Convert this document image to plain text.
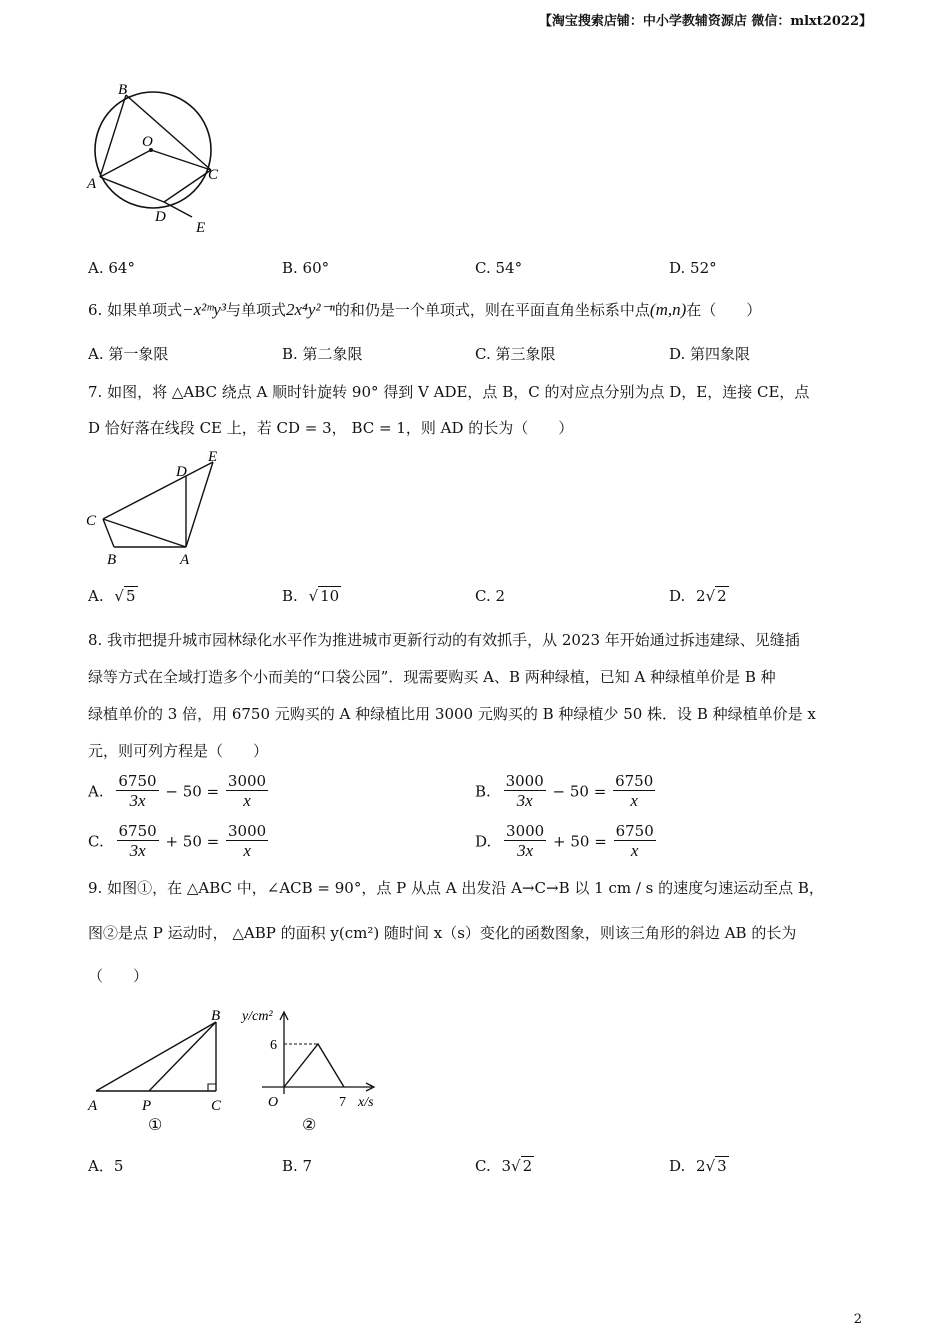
【淘宝搜索店铺：中小学教辅资源店 微信：mlxt2022】
B
O
A
C
D
E
A. 64°	B. 60°	C. 54°	D. 52°
6. 如果单项式−x²ᵐy³与单项式2x⁴y²⁻ⁿ的和仍是一个单项式，则在平面直角坐标系中点(m,n)在（　　）
A. 第一象限	B. 第二象限	C. 第三象限	D. 第四象限
7. 如图，将 △ABC 绕点 A 顺时针旋转 90° 得到 V ADE，点 B，C 的对应点分别为点 D，E，连接 CE，点
D 恰好落在线段 CE 上，若 CD = 3， BC = 1，则 AD 的长为（　　）
E
D
C
B	A
A. √ 5	B. √ 10	C. 2	D. 2√ 2
8. 我市把提升城市园林绿化水平作为推进城市更新行动的有效抓手，从 2023 年开始通过拆违建绿、见缝插
绿等方式在全域打造多个小而美的“口袋公园”．现需要购买 A、B 两种绿植，已知 A 种绿植单价是 B 种
绿植单价的 3 倍，用 6750 元购买的 A 种绿植比用 3000 元购买的 B 种绿植少 50 株．设 B 种绿植单价是 x
元，则可列方程是（　　）
A. $\frac{6750}{3x} - 50 = \frac{3000}{x}$	B. $\frac{3000}{3x} - 50 = \frac{6750}{x}$
C. $\frac{6750}{3x} + 50 = \frac{3000}{x}$	D. $\frac{3000}{3x} + 50 = \frac{6750}{x}$
9. 如图①，在 △ABC 中，∠ACB = 90°，点 P 从点 A 出发沿 A→C→B 以 1 cm / s 的速度匀速运动至点 B，
图②是点 P 运动时， △ABP 的面积 y(cm²) 随时间 x（s）变化的函数图象，则该三角形的斜边 AB 的长为
（　　）
B
A	P	C
①
y/cm²
6
O	7 x/s
②
A．5	B. 7	C. 3√ 2	D. 2√ 3
2
